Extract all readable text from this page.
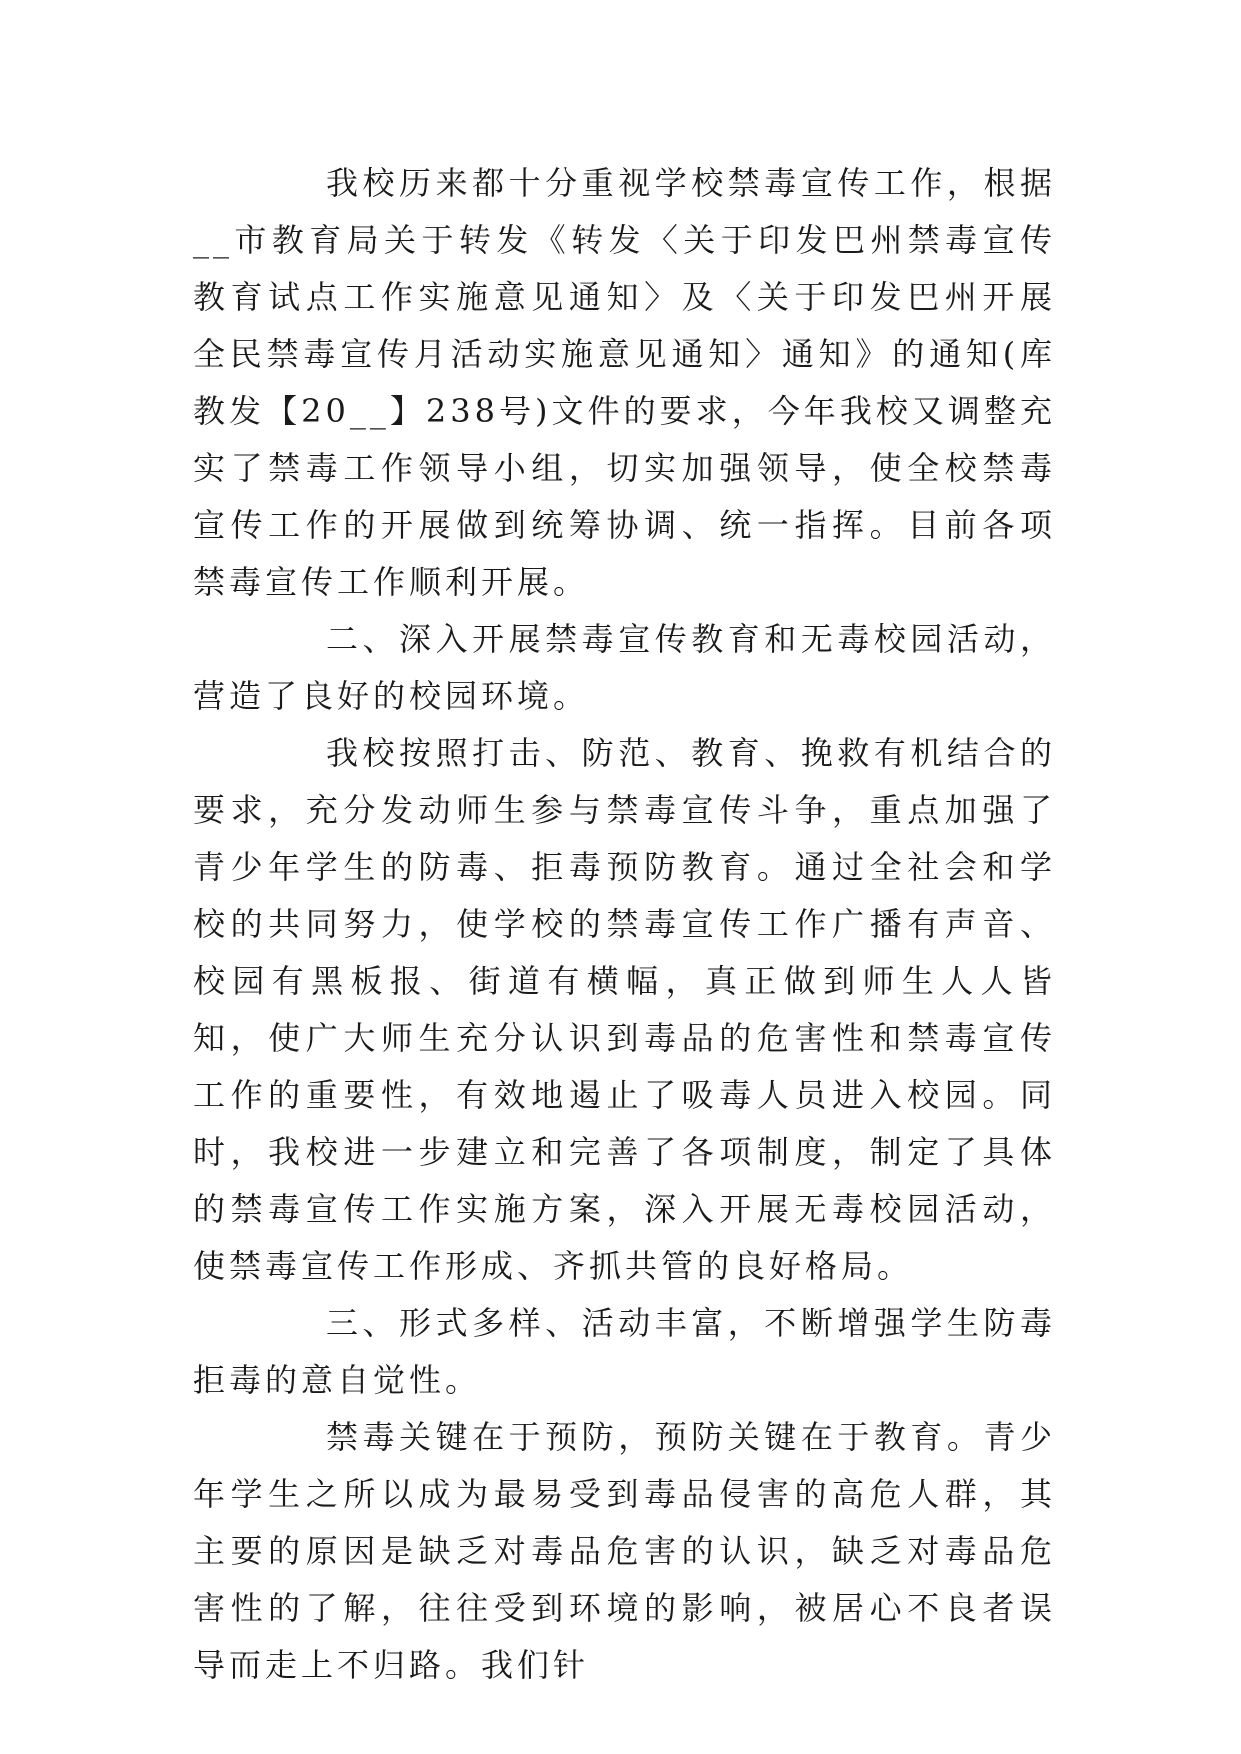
我校历来都十分重视学校禁毒宣传工作，根据__市教育局关于转发《转发〈关于印发巴州禁毒宣传教育试点工作实施意见通知〉及〈关于印发巴州开展全民禁毒宣传月活动实施意见通知〉通知》的通知(库教发【20__】238号)文件的要求，今年我校又调整充实了禁毒工作领导小组，切实加强领导，使全校禁毒宣传工作的开展做到统筹协调、统一指挥。目前各项禁毒宣传工作顺利开展。

二、深入开展禁毒宣传教育和无毒校园活动，营造了良好的校园环境。

我校按照打击、防范、教育、挽救有机结合的要求，充分发动师生参与禁毒宣传斗争，重点加强了青少年学生的防毒、拒毒预防教育。通过全社会和学校的共同努力，使学校的禁毒宣传工作广播有声音、校园有黑板报、街道有横幅，真正做到师生人人皆知，使广大师生充分认识到毒品的危害性和禁毒宣传工作的重要性，有效地遏止了吸毒人员进入校园。同时，我校进一步建立和完善了各项制度，制定了具体的禁毒宣传工作实施方案，深入开展无毒校园活动，使禁毒宣传工作形成、齐抓共管的良好格局。

三、形式多样、活动丰富，不断增强学生防毒拒毒的意自觉性。

禁毒关键在于预防，预防关键在于教育。青少年学生之所以成为最易受到毒品侵害的高危人群，其主要的原因是缺乏对毒品危害的认识，缺乏对毒品危害性的了解，往往受到环境的影响，被居心不良者误导而走上不归路。我们针
